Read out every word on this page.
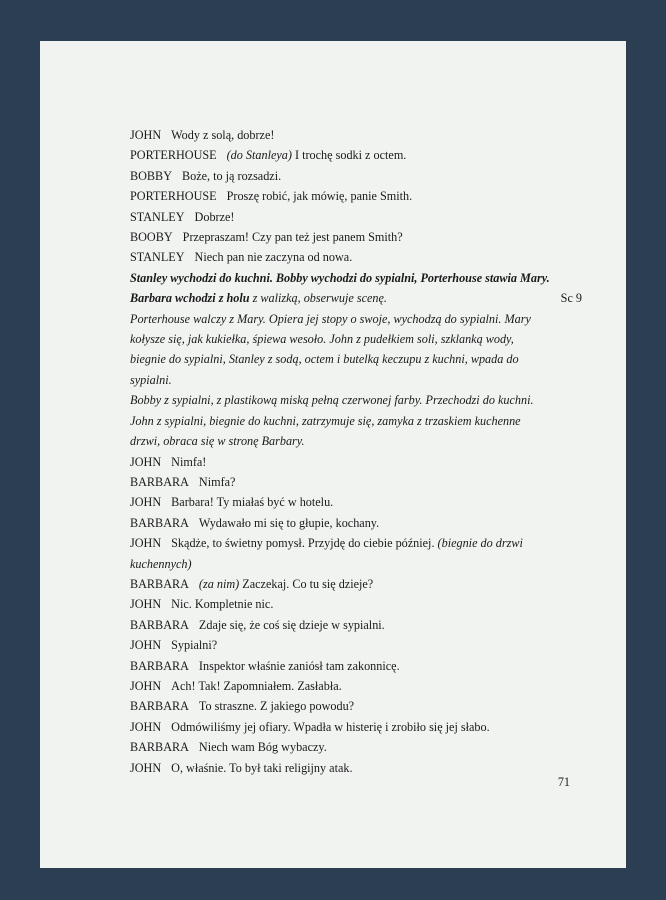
JOHN Wody z solą, dobrze!
PORTERHOUSE (do Stanleya) I trochę sodki z octem.
BOBBY Boże, to ją rozsadzi.
PORTERHOUSE Proszę robić, jak mówię, panie Smith.
STANLEY Dobrze!
BOOBY Przepraszam! Czy pan też jest panem Smith?
STANLEY Niech pan nie zaczyna od nowa.
Stanley wychodzi do kuchni. Bobby wychodzi do sypialni, Porterhouse stawia Mary.
Sc 9
Barbara wchodzi z holu z walizką, obserwuje scenę.
Porterhouse walczy z Mary. Opiera jej stopy o swoje, wychodzą do sypialni. Mary
kołysze się, jak kukiełka, śpiewa wesoło. John z pudełkiem soli, szklanką wody,
biegnie do sypialni, Stanley z sodą, octem i butelką keczupu z kuchni, wpada do
sypialni.
Bobby z sypialni, z plastikową miską pełną czerwonej farby. Przechodzi do kuchni.
John z sypialni, biegnie do kuchni, zatrzymuje się, zamyka z trzaskiem kuchenne
drzwi, obraca się w stronę Barbary.
JOHN Nimfa!
BARBARA Nimfa?
JOHN Barbara! Ty miałaś być w hotelu.
BARBARA Wydawało mi się to głupie, kochany.
JOHN Skądże, to świetny pomysł. Przyjdę do ciebie później. (biegnie do drzwi
kuchennych)
BARBARA (za nim) Zaczekaj. Co tu się dzieje?
JOHN Nic. Kompletnie nic.
BARBARA Zdaje się, że coś się dzieje w sypialni.
JOHN Sypialni?
BARBARA Inspektor właśnie zaniósł tam zakonnicę.
JOHN Ach! Tak! Zapomniałem. Zasłabła.
BARBARA To straszne. Z jakiego powodu?
JOHN Odmówiliśmy jej ofiary. Wpadła w histerię i zrobiło się jej słabo.
BARBARA Niech wam Bóg wybaczy.
JOHN O, właśnie. To był taki religijny atak.
71
